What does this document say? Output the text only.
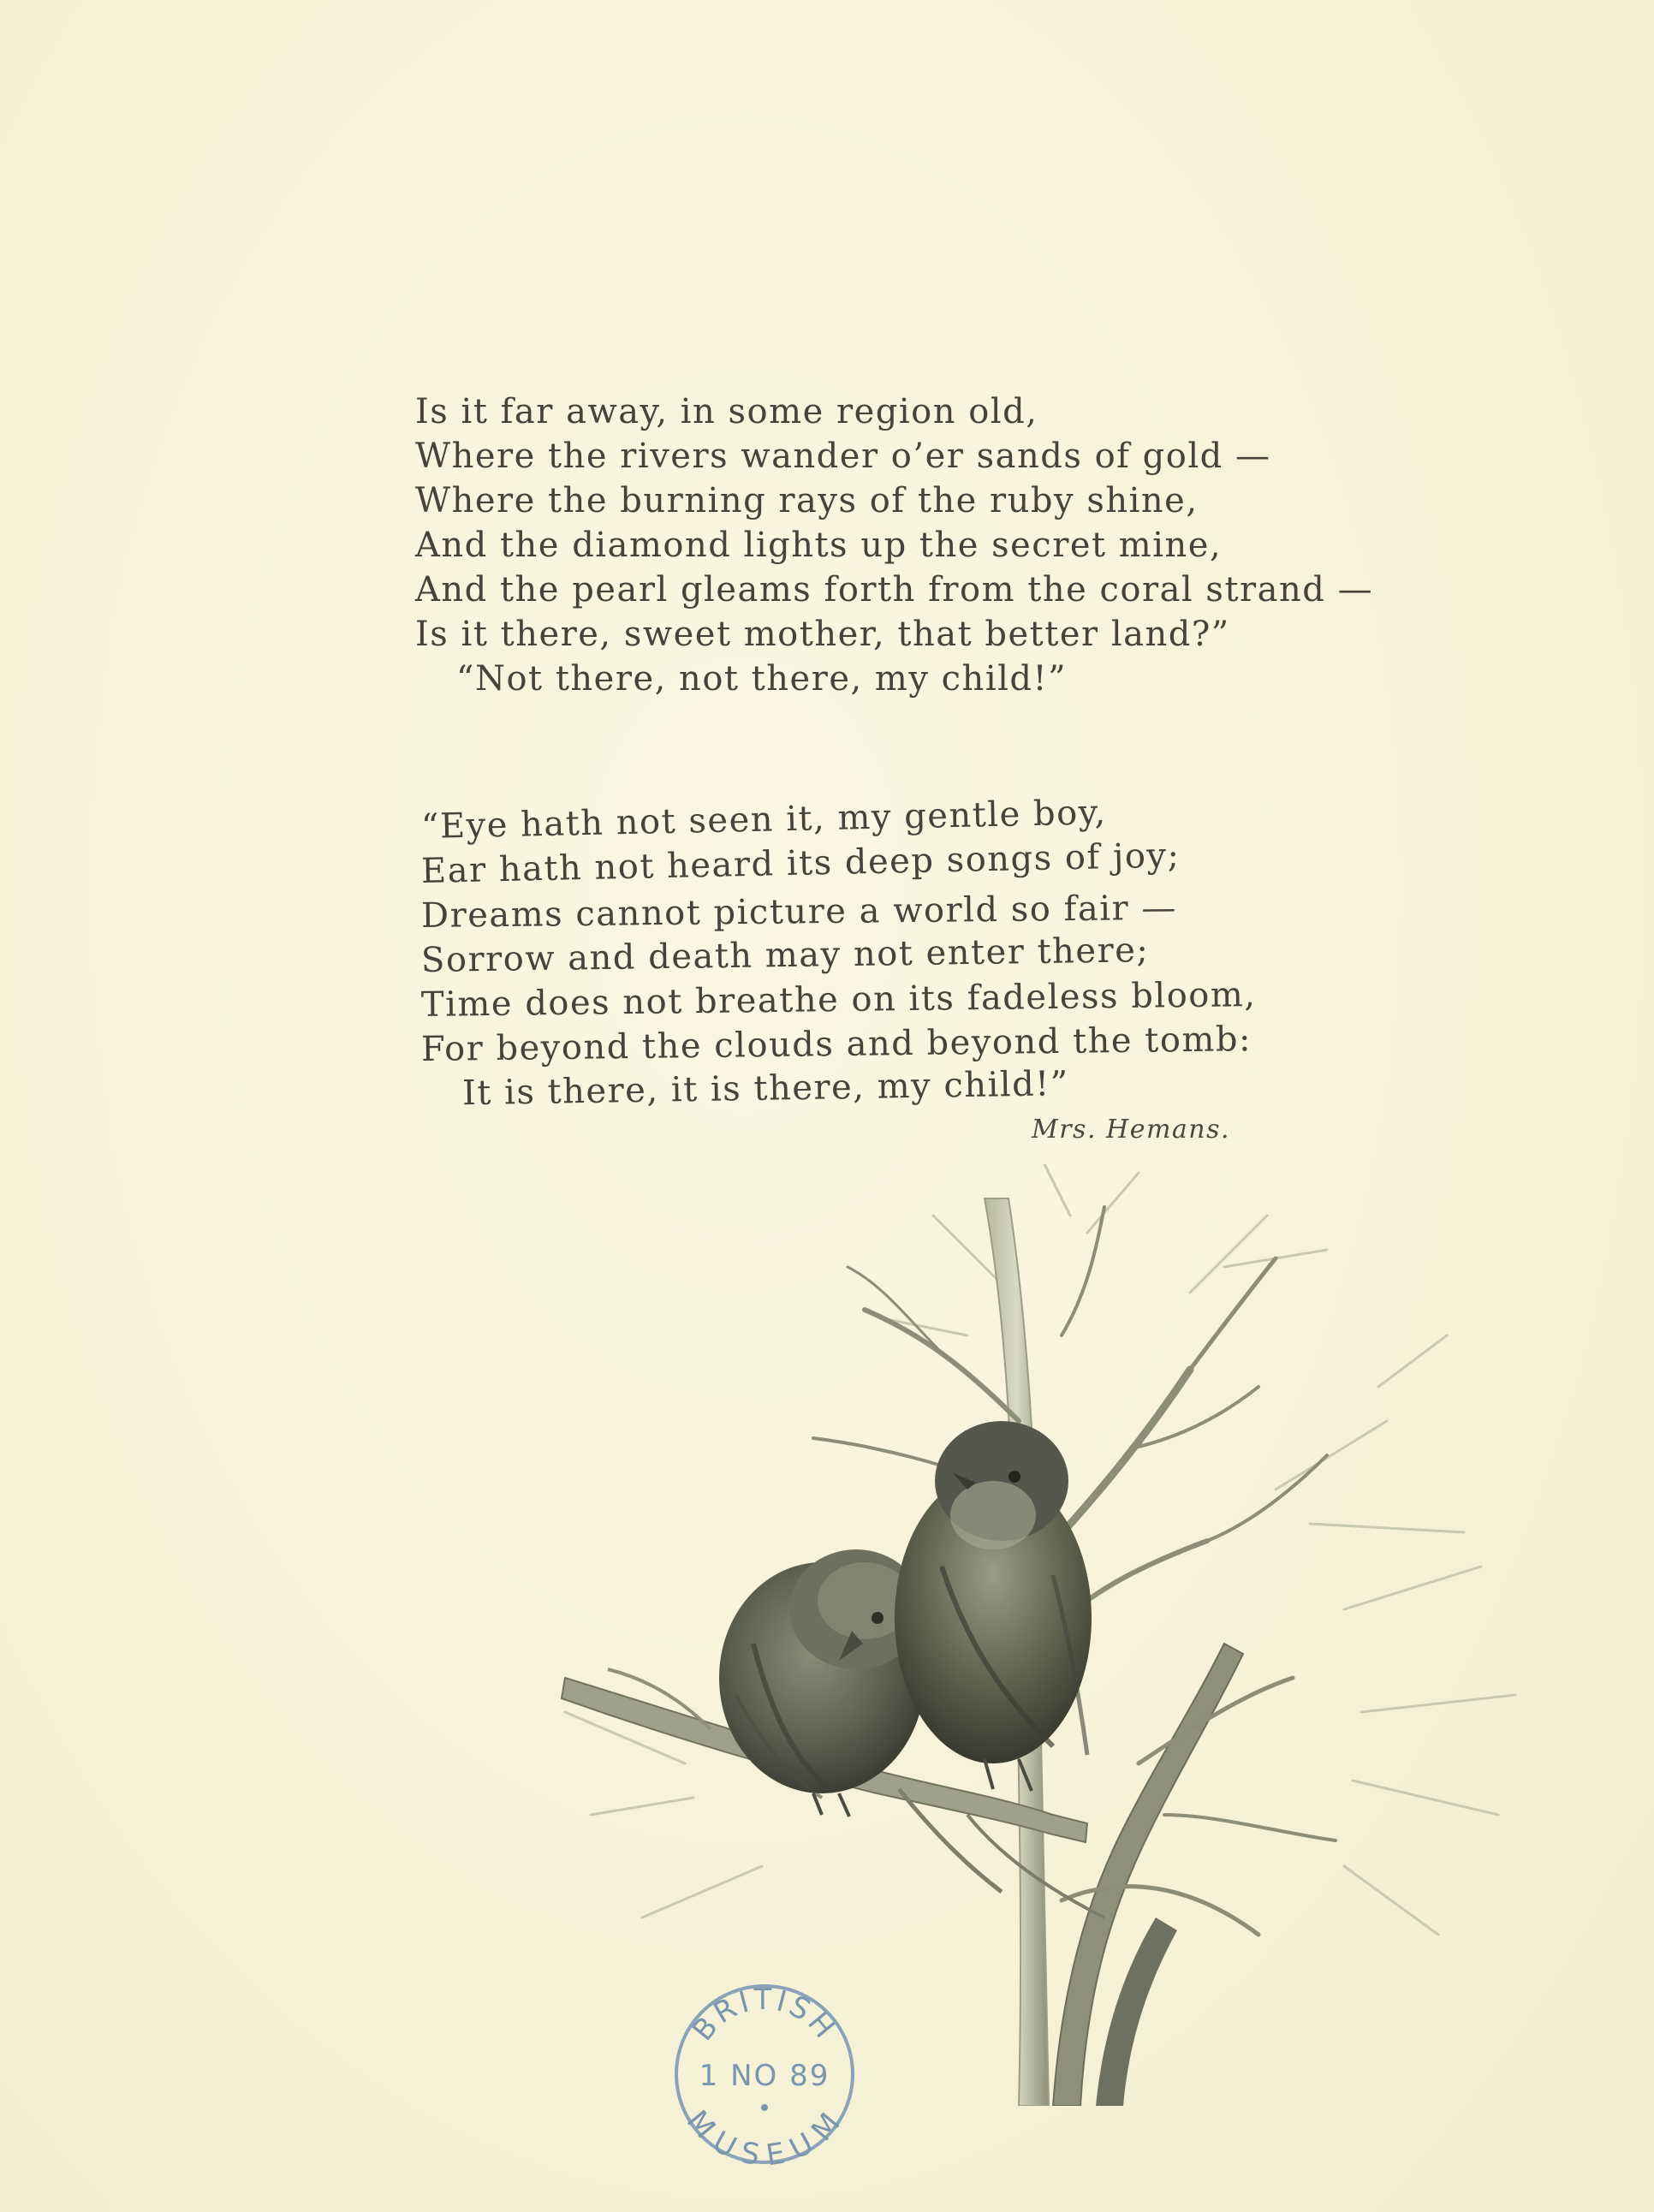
Is it far away, in some region old,
Where the rivers wander o’er sands of gold —
Where the burning rays of the ruby shine,
And the diamond lights up the secret mine,
And the pearl gleams forth from the coral strand —
Is it there, sweet mother, that better land?”
“Not there, not there, my child!”
“Eye hath not seen it, my gentle boy,
Ear hath not heard its deep songs of joy;
Dreams cannot picture a world so fair —
Sorrow and death may not enter there;
Time does not breathe on its fadeless bloom,
For beyond the clouds and beyond the tomb:
It is there, it is there, my child!”
Mrs. Hemans.
BRITISH
1 NO 89
MUSEUM
